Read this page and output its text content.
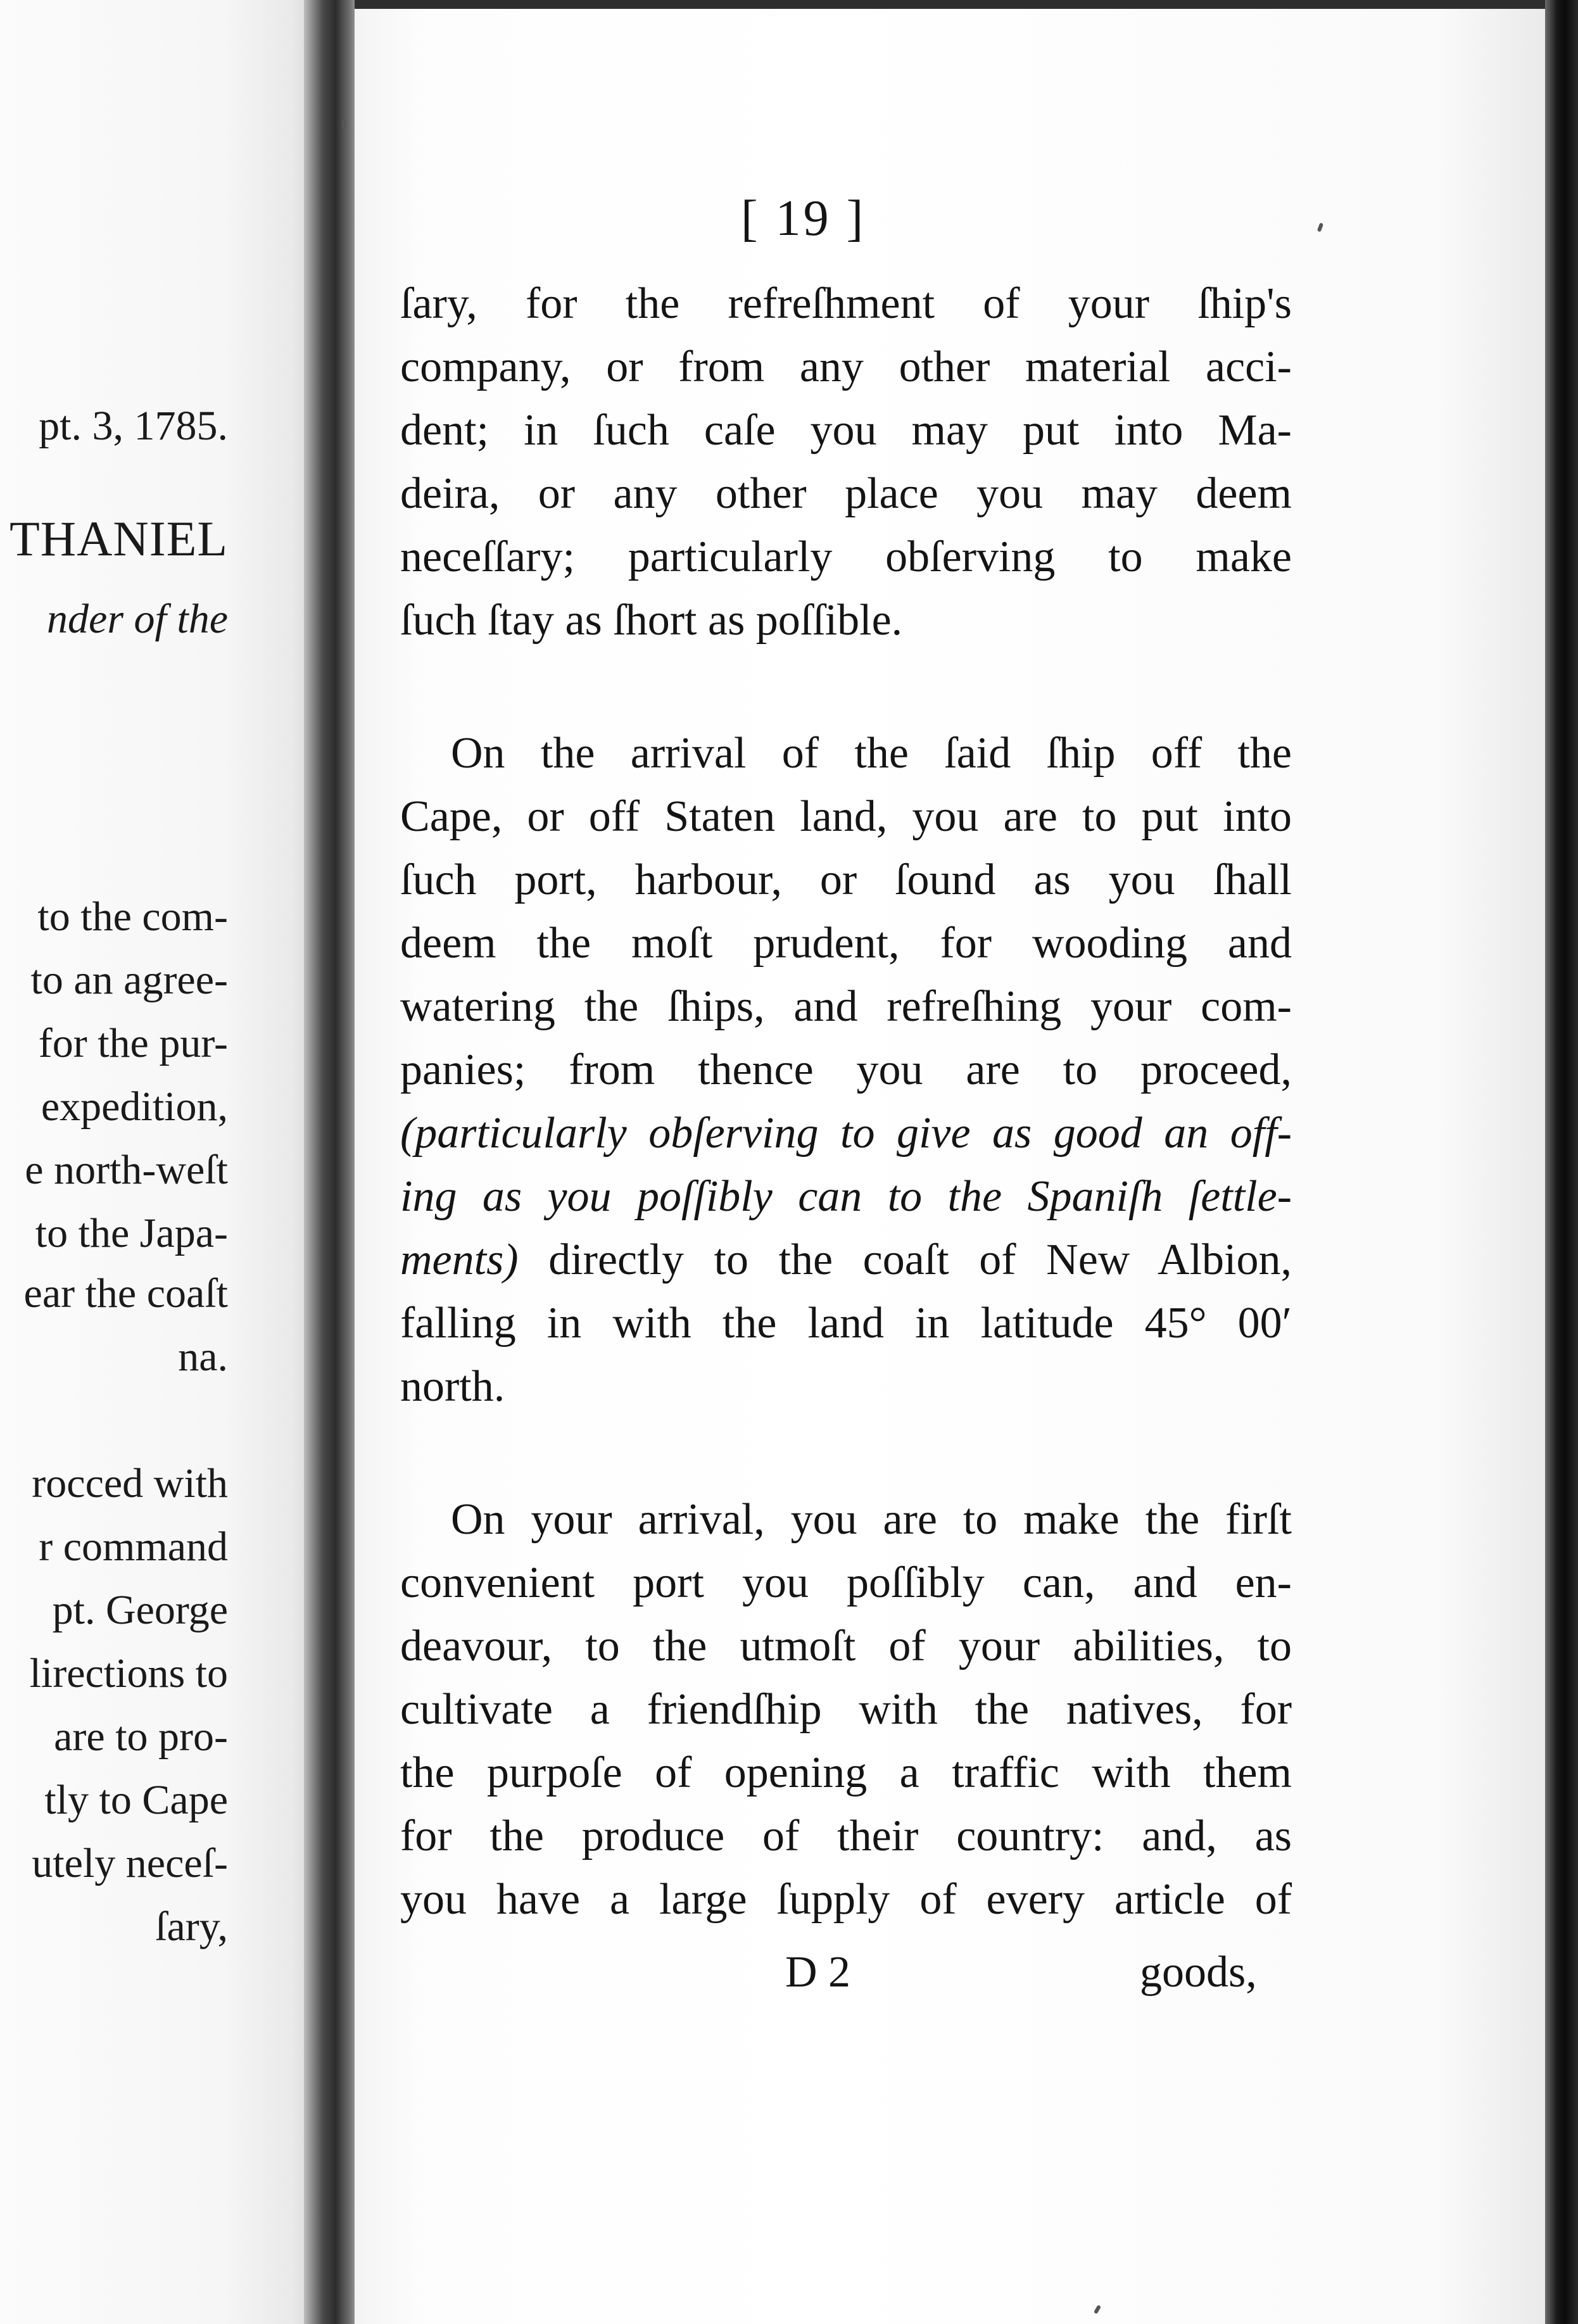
pt. 3, 1785.
THANIEL
nder of the
to the com-
to an agree-
for the pur-
expedition,
e north-weſt
to the Japa-
ear the coaſt
na.
rocced with
r command
pt. George
lirections to
are to pro-
tly to Cape
utely neceſ-
ſary,
[ 19 ]
ſary, for the refreſhment of your ſhip's
company, or from any other material acci-
dent; in ſuch caſe you may put into Ma-
deira, or any other place you may deem
neceſſary; particularly obſerving to make
ſuch ſtay as ſhort as poſſible.
On the arrival of the ſaid ſhip off the
Cape, or off Staten land, you are to put into
ſuch port, harbour, or ſound as you ſhall
deem the moſt prudent, for wooding and
watering the ſhips, and refreſhing your com-
panies; from thence you are to proceed,
(particularly obſerving to give as good an off-
ing as you poſſibly can to the Spaniſh ſettle-
ments) directly to the coaſt of New Albion,
falling in with the land in latitude 45° 00′
north.
On your arrival, you are to make the firſt
convenient port you poſſibly can, and en-
deavour, to the utmoſt of your abilities, to
cultivate a friendſhip with the natives, for
the purpoſe of opening a traffic with them
for the produce of their country: and, as
you have a large ſupply of every article of
D 2	goods,
